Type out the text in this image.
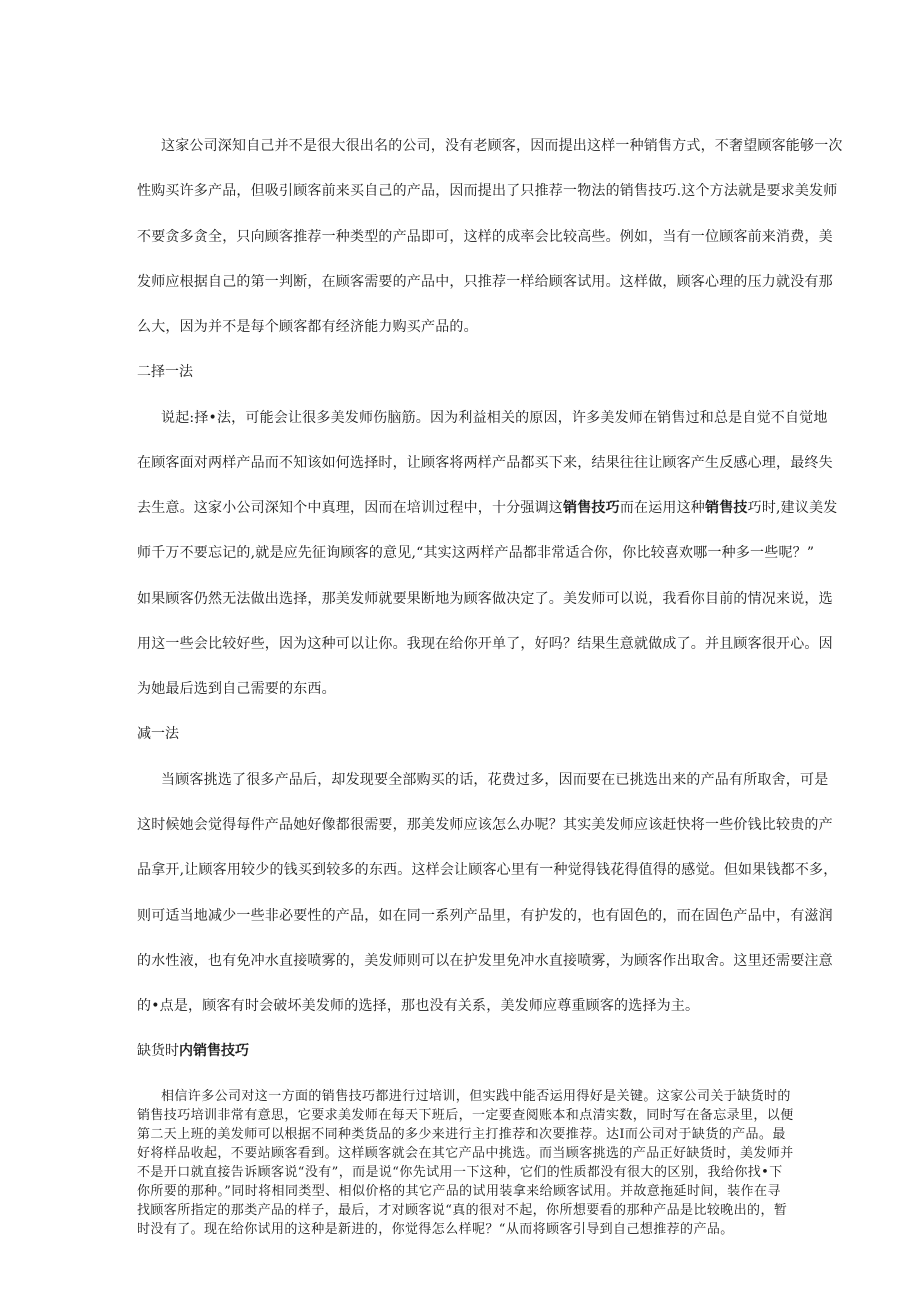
这家公司深知自己并不是很大很出名的公司，没有老顾客，因而提出这样一种销售方式，不奢望顾客能够一次
性购买许多产品，但吸引顾客前来买自己的产品，因而提出了只推荐一物法的销售技巧.这个方法就是要求美发师
不要贪多贪全，只向顾客推荐一种类型的产品即可，这样的成率会比较高些。例如，当有一位顾客前来消费，美
发师应根据自己的第一判断，在顾客需要的产品中，只推荐一样给顾客试用。这样做，顾客心理的压力就没有那
么大，因为并不是每个顾客都有经济能力购买产品的。
二择一法
说起:择•法，可能会让很多美发师伤脑筋。因为利益相关的原因，许多美发师在销售过和总是自觉不自觉地
在顾客面对两样产品而不知该如何选择时，让顾客将两样产品都买下来，结果往往让顾客产生反感心理，最终失
去生意。这家小公司深知个中真理，因而在培训过程中，十分强调这销售技巧而在运用这种销售技巧时,建议美发
师千万不要忘记的,就是应先征询顾客的意见,“其实这两样产品都非常适合你，你比较喜欢哪一种多一些呢？”
如果顾客仍然无法做出选择，那美发师就要果断地为顾客做决定了。美发师可以说，我看你目前的情况来说，选
用这一些会比较好些，因为这种可以让你。我现在给你开单了，好吗？结果生意就做成了。并且顾客很开心。因
为她最后选到自己需要的东西。
减一法
当顾客挑选了很多产品后，却发现要全部购买的话，花费过多，因而要在已挑选出来的产品有所取舍，可是
这时候她会觉得每件产品她好像都很需要，那美发师应该怎么办呢？其实美发师应该赶快将一些价钱比较贵的产
品拿开,让顾客用较少的钱买到较多的东西。这样会让顾客心里有一种觉得钱花得值得的感觉。但如果钱都不多，
则可适当地减少一些非必要性的产品，如在同一系列产品里，有护发的，也有固色的，而在固色产品中，有滋润
的水性液，也有免冲水直接喷雾的，美发师则可以在护发里免冲水直接喷雾，为顾客作出取舍。这里还需要注意
的•点是，顾客有时会破坏美发师的选择，那也没有关系，美发师应尊重顾客的选择为主。
缺货时内销售技巧
相信许多公司对这一方面的销售技巧都进行过培训，但实践中能否运用得好是关键。这家公司关于缺货时的
销售技巧培训非常有意思，它要求美发师在每天下班后，一定要查阅账本和点清实数，同时写在备忘录里，以便
第二天上班的美发师可以根据不同种类货品的多少来进行主打推荐和次要推荐。达Ⅰ而公司对于缺货的产品。最
好将样品收起，不要站顾客看到。这样顾客就会在其它产品中挑选。而当顾客挑选的产品正好缺货时，美发师并
不是开口就直接告诉顾客说“没有”，而是说“你先试用一下这种，它们的性质都没有很大的区别，我给你找•下
你所要的那种。”同时将相同类型、相似价格的其它产品的试用装拿来给顾客试用。并故意拖延时间，装作在寻
找顾客所指定的那类产品的样子，最后，才对顾客说“真的很对不起，你所想要看的那种产品是比较晚出的，暂
时没有了。现在给你试用的这种是新进的，你觉得怎么样呢？“从而将顾客引导到自己想推荐的产品。
